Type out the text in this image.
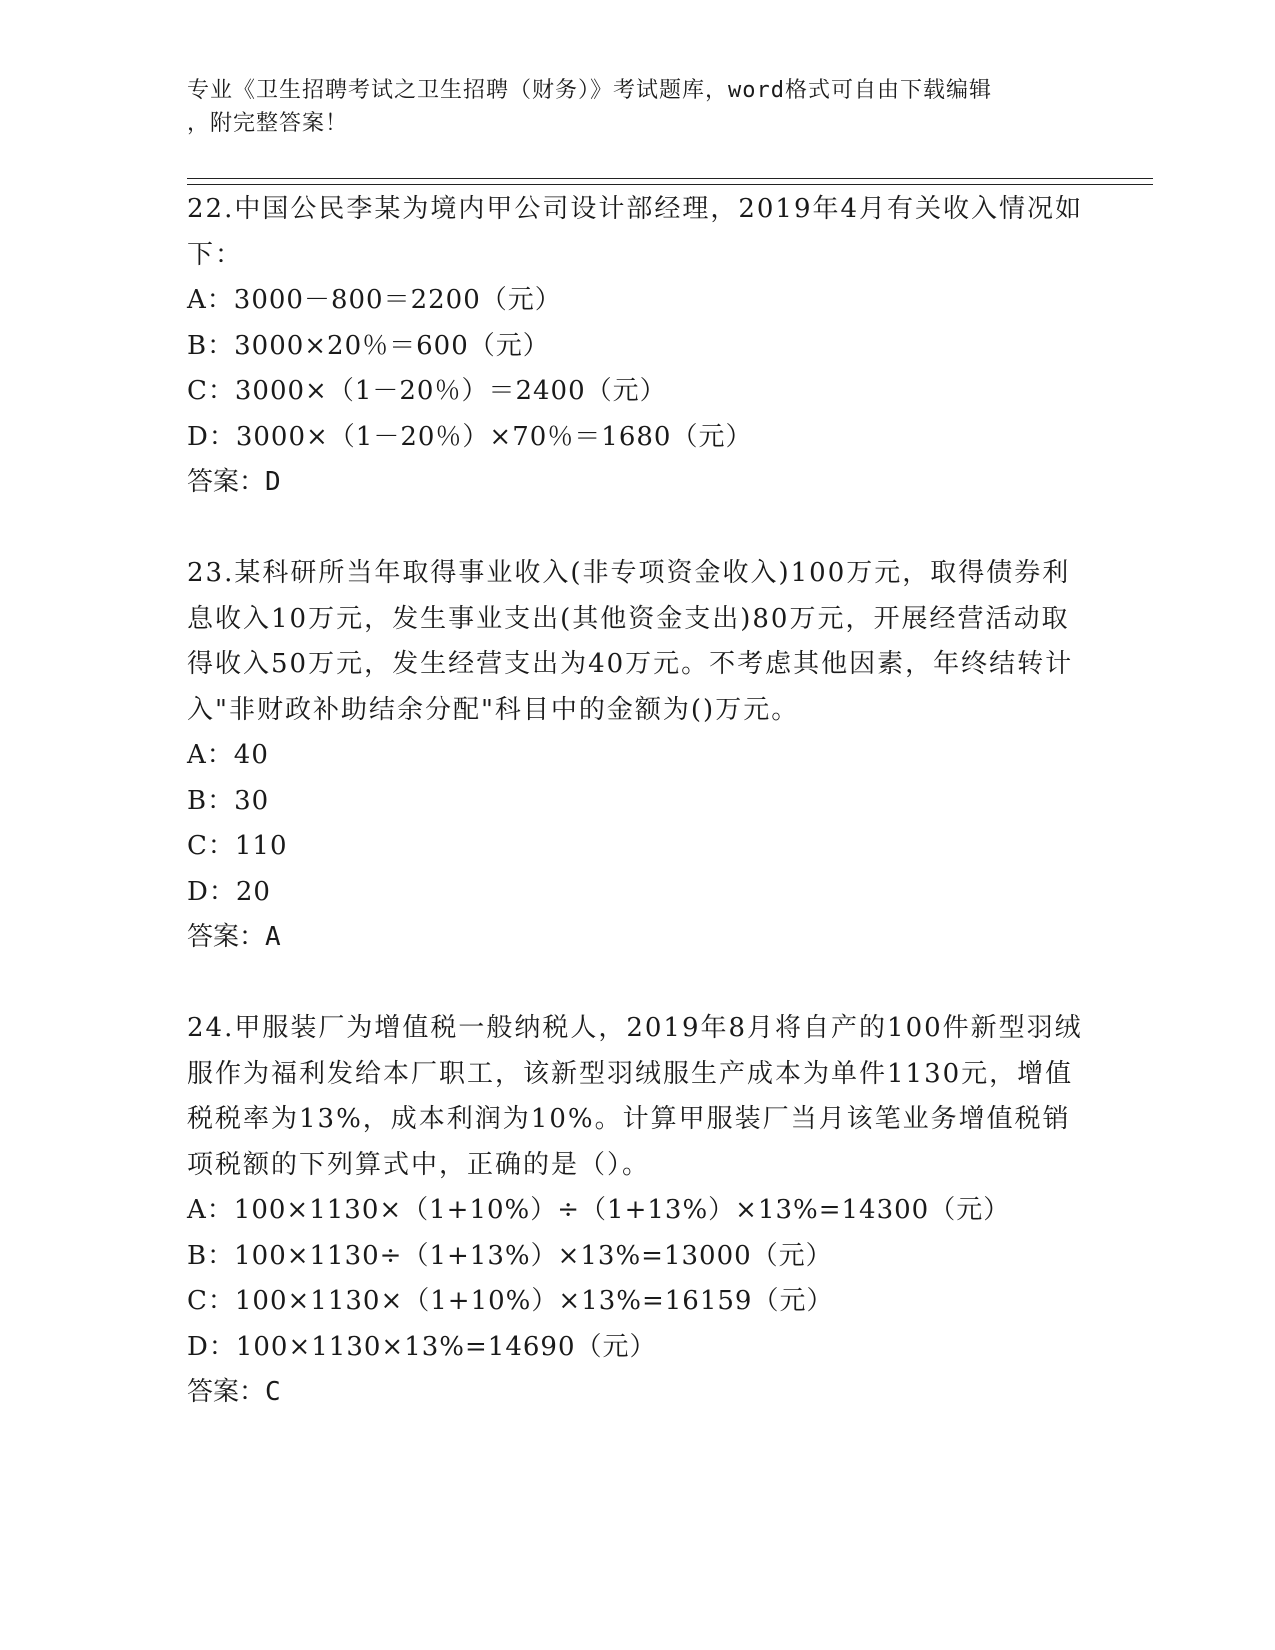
专业《卫生招聘考试之卫生招聘（财务）》考试题库，word格式可自由下载编辑
，附完整答案！

22.中国公民李某为境内甲公司设计部经理，2019年4月有关收入情况如下：

A：3000－800＝2200（元）

B：3000×20％＝600（元）

C：3000×（1－20％）＝2400（元）

D：3000×（1－20％）×70％＝1680（元）

答案：D

23.某科研所当年取得事业收入(非专项资金收入)100万元，取得债券利息收入10万元，发生事业支出(其他资金支出)80万元，开展经营活动取得收入50万元，发生经营支出为40万元。不考虑其他因素，年终结转计入"非财政补助结余分配"科目中的金额为()万元。

A：40

B：30

C：110

D：20

答案：A

24.甲服装厂为增值税一般纳税人，2019年8月将自产的100件新型羽绒服作为福利发给本厂职工，该新型羽绒服生产成本为单件1130元，增值税税率为13%，成本利润为10%。计算甲服装厂当月该笔业务增值税销项税额的下列算式中，正确的是（）。

A：100×1130×（1+10%）÷（1+13%）×13%=14300（元）

B：100×1130÷（1+13%）×13%=13000（元）

C：100×1130×（1+10%）×13%=16159（元）

D：100×1130×13%=14690（元）

答案：C
